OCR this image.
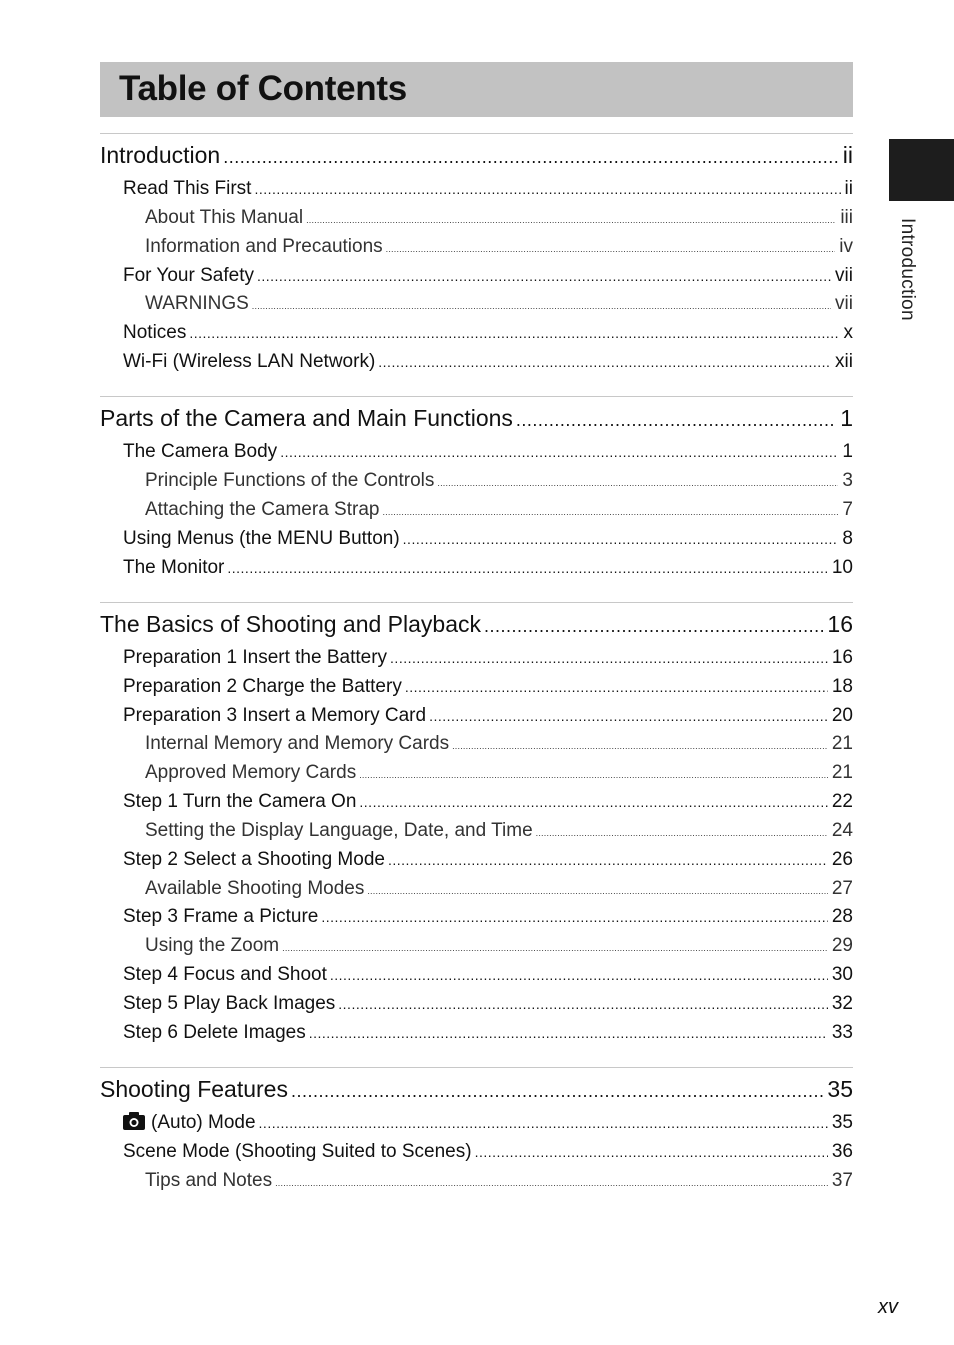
Table of Contents
Introduction
Introduction .....	ii
Read This First .....	ii
About This Manual .....	iii
Information and Precautions .....	iv
For Your Safety .....	vii
WARNINGS .....	vii
Notices .....	x
Wi-Fi (Wireless LAN Network) .....	xii
Parts of the Camera and Main Functions .....	1
The Camera Body .....	1
Principle Functions of the Controls .....	3
Attaching the Camera Strap .....	7
Using Menus (the MENU Button) .....	8
The Monitor .....	10
The Basics of Shooting and Playback .....	16
Preparation 1 Insert the Battery .....	16
Preparation 2 Charge the Battery .....	18
Preparation 3 Insert a Memory Card .....	20
Internal Memory and Memory Cards .....	21
Approved Memory Cards .....	21
Step 1 Turn the Camera On .....	22
Setting the Display Language, Date, and Time .....	24
Step 2 Select a Shooting Mode .....	26
Available Shooting Modes .....	27
Step 3 Frame a Picture .....	28
Using the Zoom .....	29
Step 4 Focus and Shoot .....	30
Step 5 Play Back Images .....	32
Step 6 Delete Images .....	33
Shooting Features .....	35
(Auto) Mode .....	35
Scene Mode (Shooting Suited to Scenes) .....	36
Tips and Notes .....	37
xv
